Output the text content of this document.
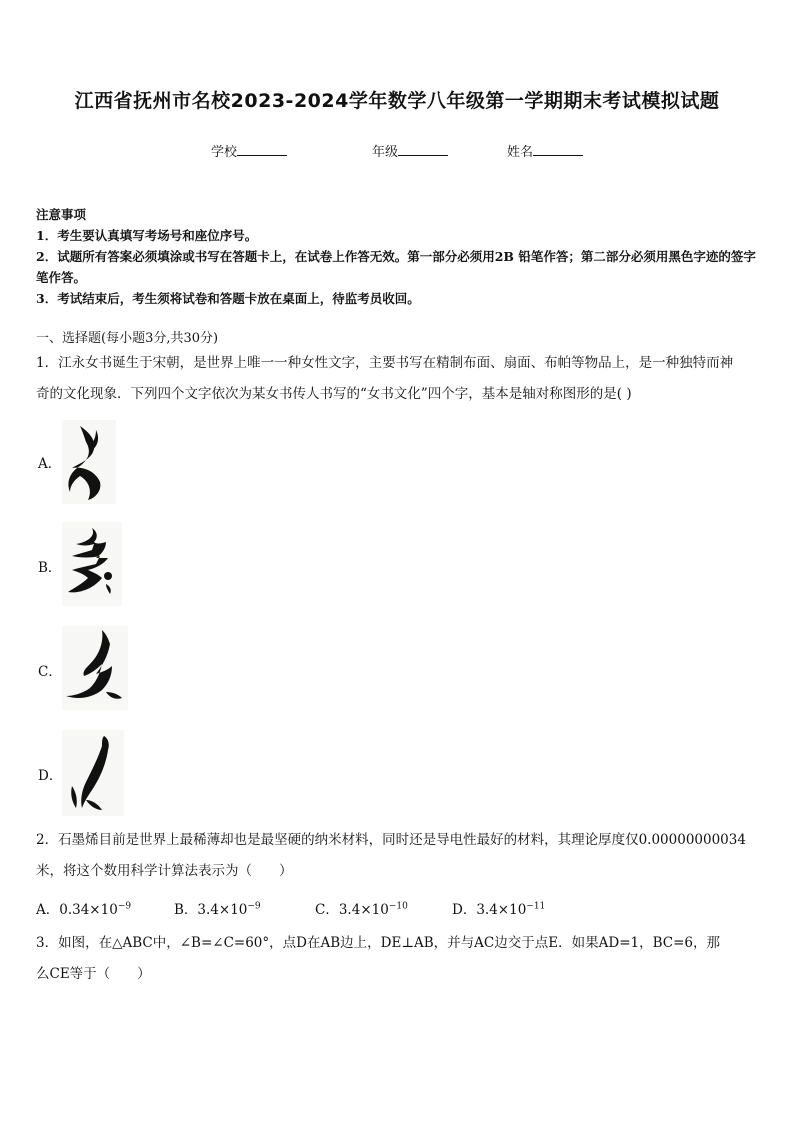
江西省抚州市名校2023-2024学年数学八年级第一学期期末考试模拟试题
学校	年级	姓名

注意事项

1．考生要认真填写考场号和座位序号。

2．试题所有答案必须填涂或书写在答题卡上，在试卷上作答无效。第一部分必须用2B 铅笔作答；第二部分必须用黑色字迹的签字笔作答。

3．考试结束后，考生须将试卷和答题卡放在桌面上，待监考员收回。

一、选择题(每小题3分,共30分)
1．江永女书诞生于宋朝，是世界上唯一一种女性文字，主要书写在精制布面、扇面、布帕等物品上，是一种独特而神
奇的文化现象．下列四个文字依次为某女书传人书写的“女书文化”四个字，基本是轴对称图形的是( )
A．
B．
C．
D．
2．石墨烯目前是世界上最稀薄却也是最坚硬的纳米材料，同时还是导电性最好的材料，其理论厚度仅0.00000000034
米，将这个数用科学计算法表示为（　　）
A．$0.34\times 10^{-9}$	B．$3.4\times 10^{-9}$	C．$3.4\times 10^{-10}$	D．$3.4\times 10^{-11}$
3．如图，在△ABC中，∠B=∠C=60°，点D在AB边上，DE⊥AB，并与AC边交于点E．如果AD=1，BC=6，那
么CE等于（　　）
